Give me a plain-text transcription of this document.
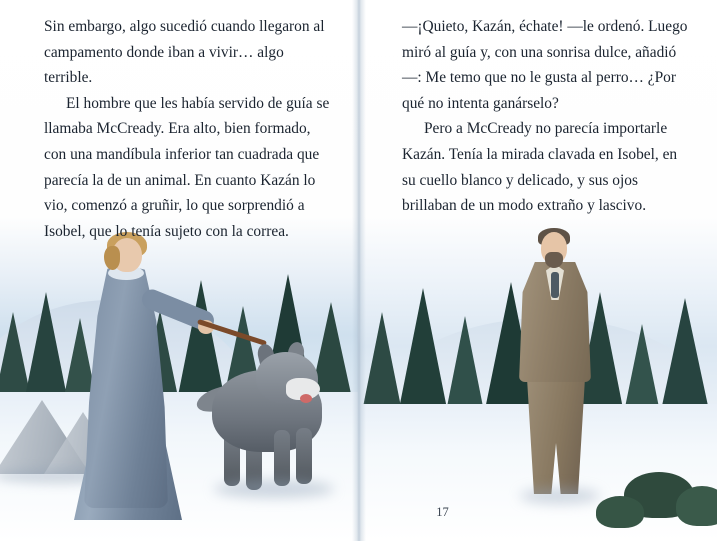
Sin embargo, algo sucedió cuando llegaron al campamento donde iban a vivir… algo terrible.

El hombre que les había servido de guía se llamaba McCready. Era alto, bien formado, con una mandíbula inferior tan cuadrada que parecía la de un animal. En cuanto Kazán lo vio, comenzó a gruñir, lo que sorprendió a Isobel, que lo tenía sujeto con la correa.

—¡Quieto, Kazán, échate! —le ordenó. Luego miró al guía y, con una sonrisa dulce, añadió—: Me temo que no le gusta al perro… ¿Por qué no intenta ganárselo?

Pero a McCready no parecía importarle Kazán. Tenía la mirada clavada en Isobel, en su cuello blanco y delicado, y sus ojos brillaban de un modo extraño y lascivo.

17
